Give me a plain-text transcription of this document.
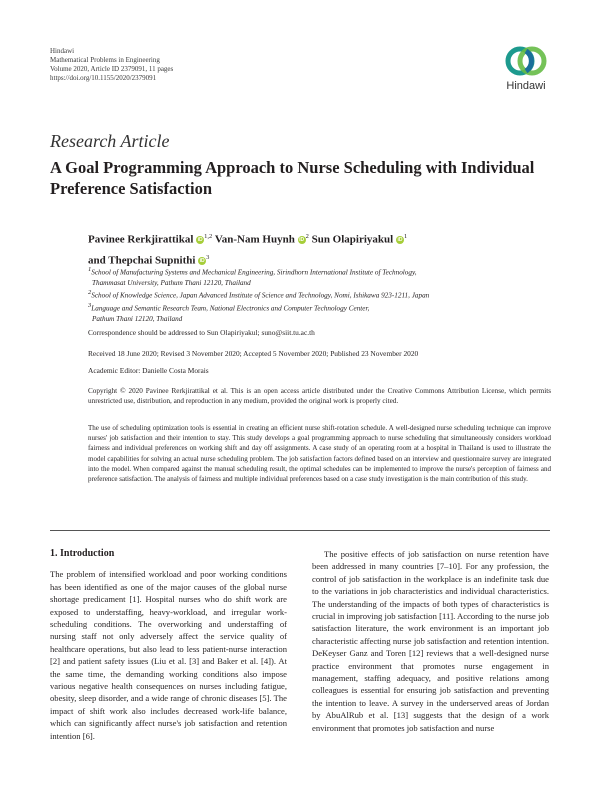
Hindawi
Mathematical Problems in Engineering
Volume 2020, Article ID 2379091, 11 pages
https://doi.org/10.1155/2020/2379091
Hindawi
Research Article
A Goal Programming Approach to Nurse Scheduling with Individual Preference Satisfaction
Pavinee Rerkjirattikal iD$^{1,2}$ Van-Nam Huynh $iD^2$ Sun Olapiriyakul $iD^1$
and Thepchai Supnithi $iD^3$
$^1$School of Manufacturing Systems and Mechanical Engineering, Sirindhorn International Institute of Technology,
Thammasat University, Pathum Thani 12120, Thailand
$^2$School of Knowledge Science, Japan Advanced Institute of Science and Technology, Nomi, Ishikawa 923-1211, Japan
$^3$Language and Semantic Research Team, National Electronics and Computer Technology Center,
Pathum Thani 12120, Thailand
Correspondence should be addressed to Sun Olapiriyakul; suno@siit.tu.ac.th
Received 18 June 2020; Revised 3 November 2020; Accepted 5 November 2020; Published 23 November 2020
Academic Editor: Danielle Costa Morais
Copyright © 2020 Pavinee Rerkjirattikal et al. This is an open access article distributed under the Creative Commons Attribution License, which permits unrestricted use, distribution, and reproduction in any medium, provided the original work is properly cited.
The use of scheduling optimization tools is essential in creating an efficient nurse shift-rotation schedule. A well-designed nurse scheduling technique can improve nurses' job satisfaction and their intention to stay. This study develops a goal programming approach to nurse scheduling that simultaneously considers workload fairness and individual preferences on working shift and day off assignments. A case study of an operating room at a hospital in Thailand is used to illustrate the model capabilities for solving an actual nurse scheduling problem. The job satisfaction factors defined based on an interview and questionnaire survey are integrated into the model. When compared against the manual scheduling result, the optimal schedules can be implemented to improve the nurse's perception of fairness and preference satisfaction. The analysis of fairness and multiple individual preferences based on a case study investigation is the main contribution of this study.
1. Introduction

The problem of intensified workload and poor working conditions has been identified as one of the major causes of the global nurse shortage predicament [1]. Hospital nurses who do shift work are exposed to understaffing, heavy-workload, and irregular work-scheduling conditions. The overworking and understaffing of nursing staff not only adversely affect the service quality of healthcare operations, but also lead to less patient-nurse interaction [2] and patient safety issues (Liu et al. [3] and Baker et al. [4]). At the same time, the demanding working conditions also impose various negative health consequences on nurses including fatigue, obesity, sleep disorder, and a wide range of chronic diseases [5]. The impact of shift work also includes decreased work-life balance, which can significantly affect nurse's job satisfaction and retention intention [6].

The positive effects of job satisfaction on nurse retention have been addressed in many countries [7–10]. For any profession, the control of job satisfaction in the workplace is an indefinite task due to the variations in job characteristics and individual characteristics. The understanding of the impacts of both types of characteristics is crucial in improving job satisfaction [11]. According to the nurse job satisfaction literature, the work environment is an important job characteristic affecting nurse job satisfaction and retention intention. DeKeyser Ganz and Toren [12] reviews that a well-designed nurse practice environment that promotes nurse engagement in management, staffing adequacy, and positive relations among colleagues is essential for ensuring job satisfaction and preventing the intention to leave. A survey in the underserved areas of Jordan by AbuAlRub et al. [13] suggests that the design of a work environment that promotes job satisfaction and nurse
